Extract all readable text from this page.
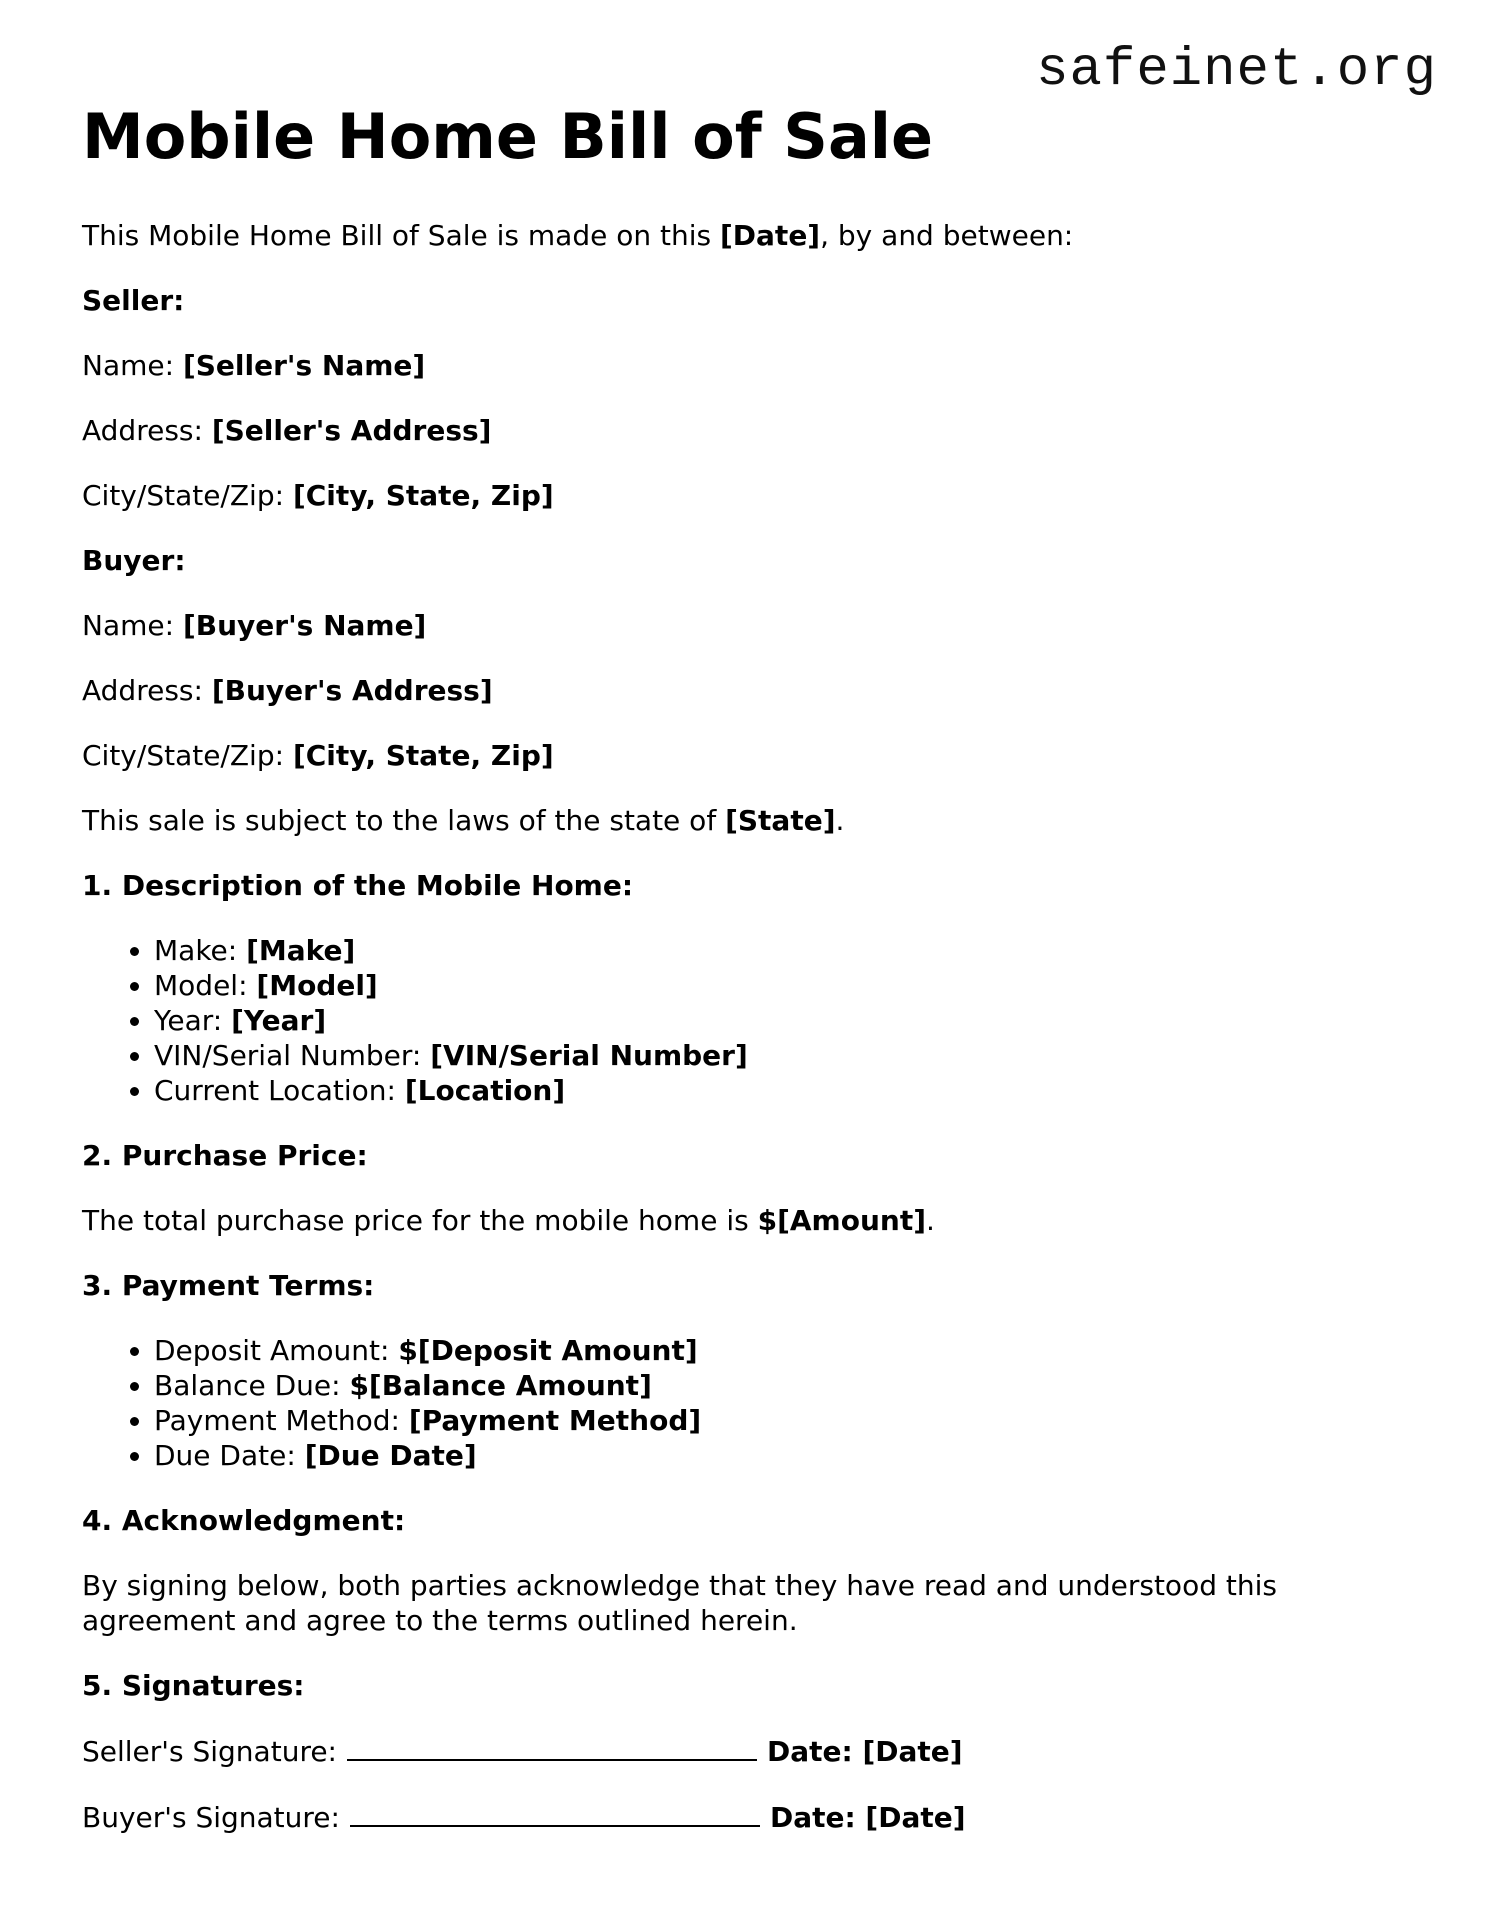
safeinet.org
Mobile Home Bill of Sale

This Mobile Home Bill of Sale is made on this [Date], by and between:

Seller:

Name: [Seller's Name]

Address: [Seller's Address]

City/State/Zip: [City, State, Zip]

Buyer:

Name: [Buyer's Name]

Address: [Buyer's Address]

City/State/Zip: [City, State, Zip]

This sale is subject to the laws of the state of [State].

1. Description of the Mobile Home:

• Make: [Make]
• Model: [Model]
• Year: [Year]
• VIN/Serial Number: [VIN/Serial Number]
• Current Location: [Location]

2. Purchase Price:

The total purchase price for the mobile home is $[Amount].

3. Payment Terms:

• Deposit Amount: $[Deposit Amount]
• Balance Due: $[Balance Amount]
• Payment Method: [Payment Method]
• Due Date: [Due Date]

4. Acknowledgment:

By signing below, both parties acknowledge that they have read and understood this agreement and agree to the terms outlined herein.

5. Signatures:

Seller's Signature:	Date: [Date]

Buyer's Signature:	Date: [Date]
